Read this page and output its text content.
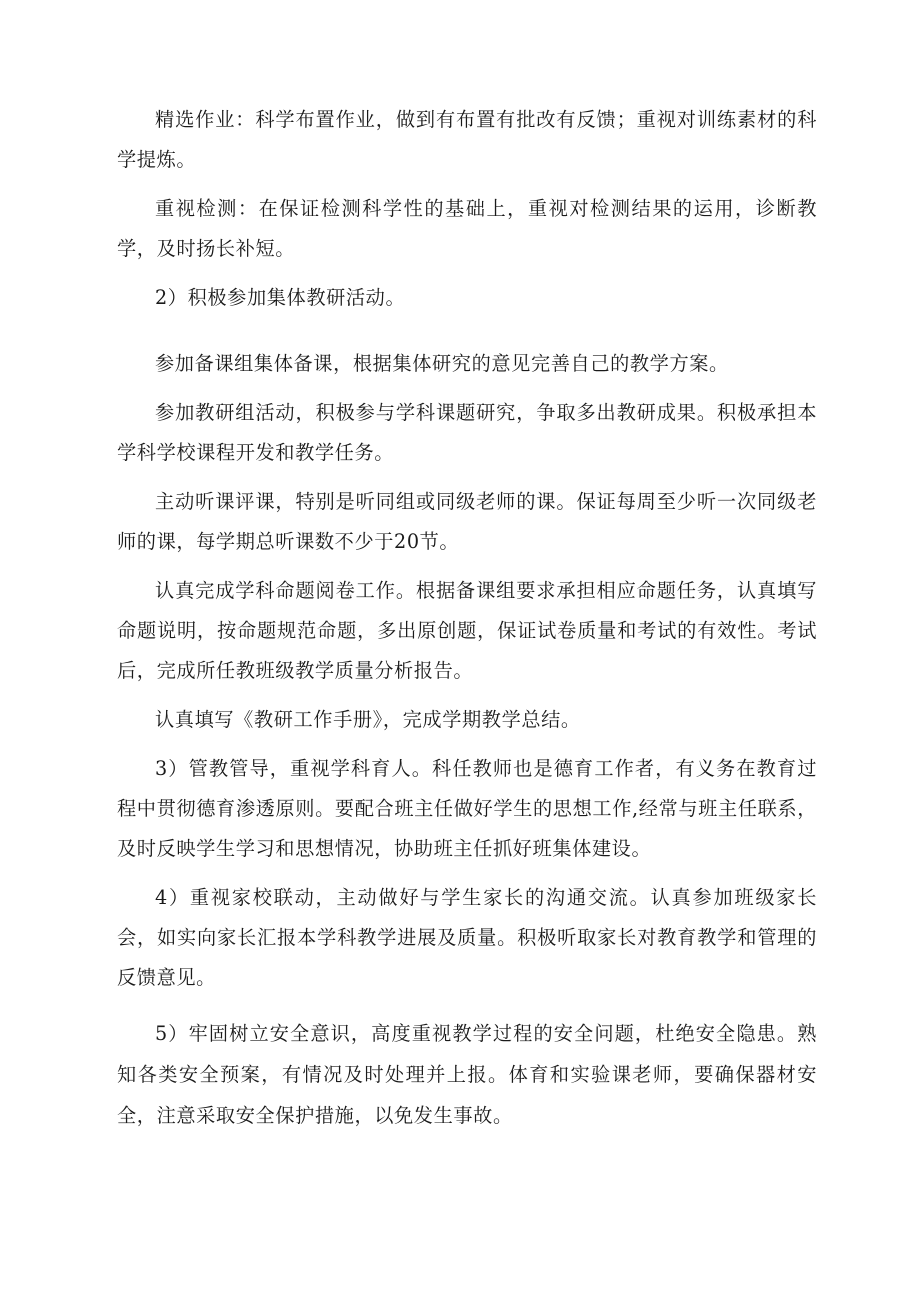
精选作业：科学布置作业，做到有布置有批改有反馈；重视对训练素材的科学提炼。

重视检测：在保证检测科学性的基础上，重视对检测结果的运用，诊断教学，及时扬长补短。

2）积极参加集体教研活动。

参加备课组集体备课，根据集体研究的意见完善自己的教学方案。

参加教研组活动，积极参与学科课题研究，争取多出教研成果。积极承担本学科学校课程开发和教学任务。

主动听课评课，特别是听同组或同级老师的课。保证每周至少听一次同级老师的课，每学期总听课数不少于20节。

认真完成学科命题阅卷工作。根据备课组要求承担相应命题任务，认真填写命题说明，按命题规范命题，多出原创题，保证试卷质量和考试的有效性。考试后，完成所任教班级教学质量分析报告。

认真填写《教研工作手册》，完成学期教学总结。

3）管教管导，重视学科育人。科任教师也是德育工作者，有义务在教育过程中贯彻德育渗透原则。要配合班主任做好学生的思想工作,经常与班主任联系，及时反映学生学习和思想情况，协助班主任抓好班集体建设。

4）重视家校联动，主动做好与学生家长的沟通交流。认真参加班级家长会，如实向家长汇报本学科教学进展及质量。积极听取家长对教育教学和管理的反馈意见。

5）牢固树立安全意识，高度重视教学过程的安全问题，杜绝安全隐患。熟知各类安全预案，有情况及时处理并上报。体育和实验课老师，要确保器材安全，注意采取安全保护措施，以免发生事故。
